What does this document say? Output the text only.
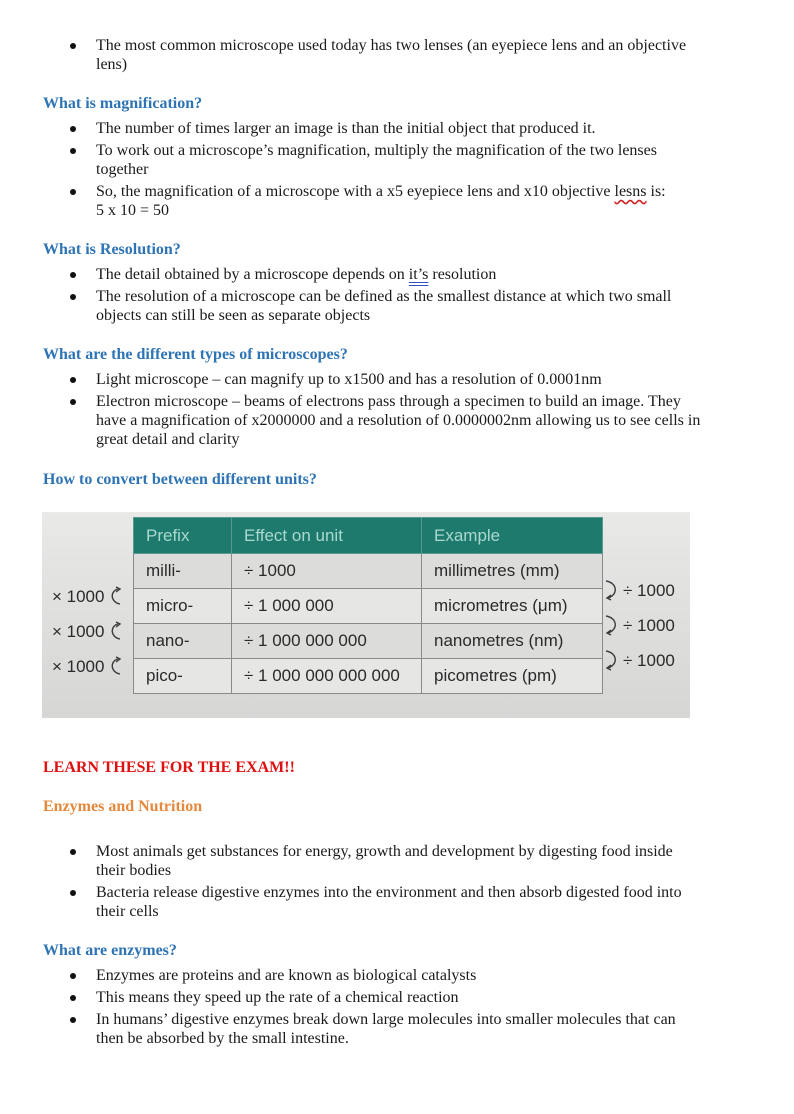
The most common microscope used today has two lenses (an eyepiece lens and an objective lens)
What is magnification?
The number of times larger an image is than the initial object that produced it.
To work out a microscope’s magnification, multiply the magnification of the two lenses together
So, the magnification of a microscope with a x5 eyepiece lens and x10 objective lesns is:
5 x 10 = 50
What is Resolution?
The detail obtained by a microscope depends on it’s resolution
The resolution of a microscope can be defined as the smallest distance at which two small objects can still be seen as separate objects
What are the different types of microscopes?
Light microscope – can magnify up to x1500 and has a resolution of 0.0001nm
Electron microscope – beams of electrons pass through a specimen to build an image. They have a magnification of x2000000 and a resolution of 0.0000002nm allowing us to see cells in great detail and clarity
How to convert between different units?
Prefix	Effect on unit	Example
milli-	÷ 1000	millimetres (mm)
micro-	÷ 1 000 000	micrometres (μm)
nano-	÷ 1 000 000 000	nanometres (nm)
pico-	÷ 1 000 000 000 000	picometres (pm)
× 1000
× 1000
× 1000
÷ 1000
÷ 1000
÷ 1000
LEARN THESE FOR THE EXAM!!
Enzymes and Nutrition
Most animals get substances for energy, growth and development by digesting food inside their bodies
Bacteria release digestive enzymes into the environment and then absorb digested food into their cells
What are enzymes?
Enzymes are proteins and are known as biological catalysts
This means they speed up the rate of a chemical reaction
In humans’ digestive enzymes break down large molecules into smaller molecules that can then be absorbed by the small intestine.
